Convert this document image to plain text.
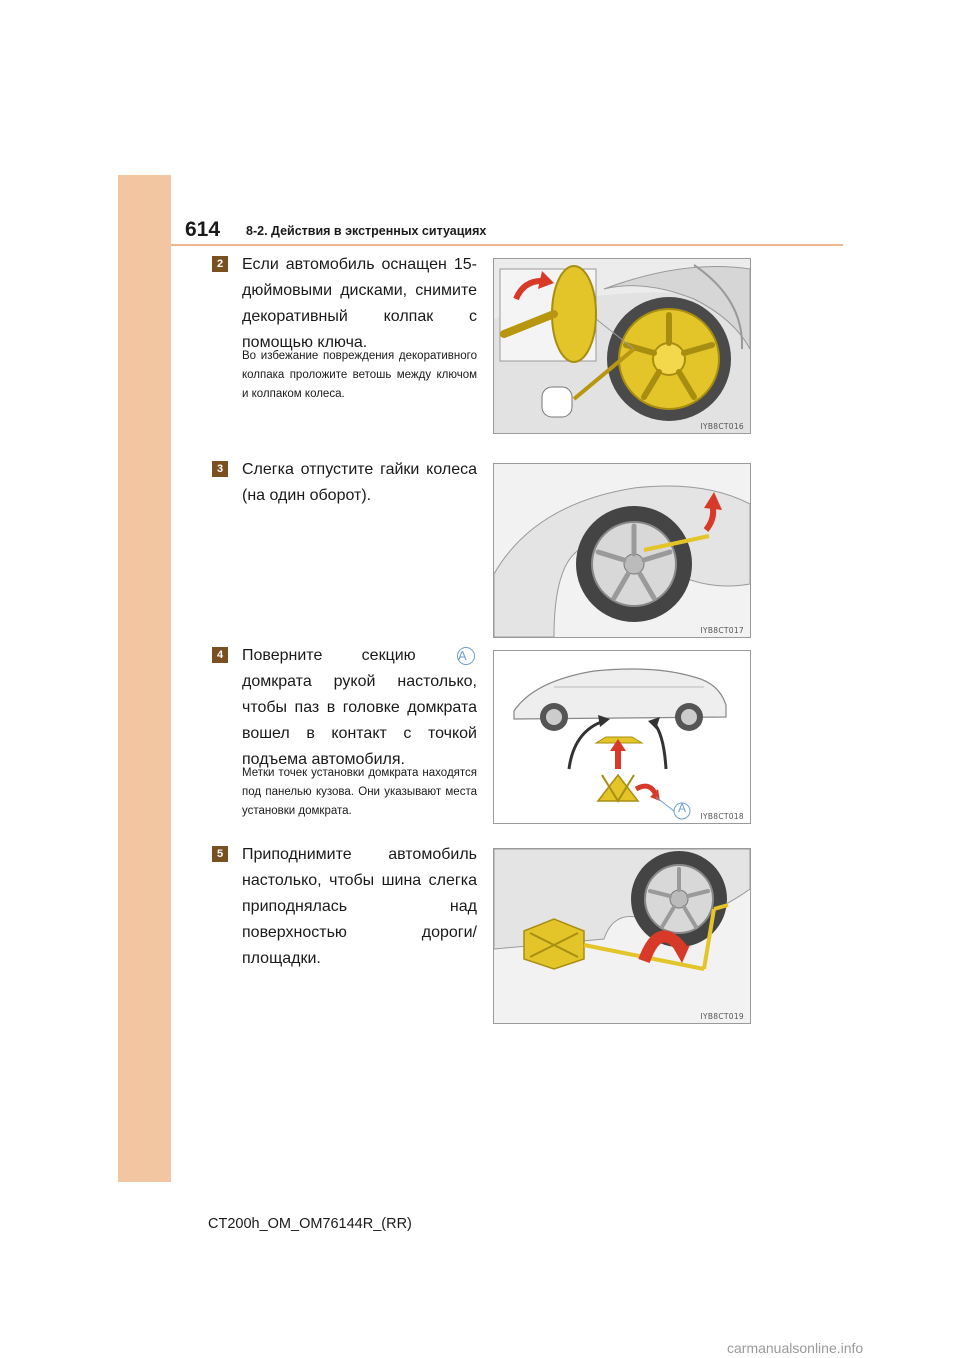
614 8-2. Действия в экстренных ситуациях
2	Если автомобиль оснащен 15-дюймовыми дисками, снимите декоративный колпак с помощью ключа.
Во избежание повреждения декоративного колпака проложите ветошь между ключом и колпаком колеса.
IYB8CT016
3	Слегка отпустите гайки колеса (на один оборот).
IYB8CT017
4	Поверните секцию	A домкрата рукой настолько, чтобы паз в головке домкрата вошел в контакт с точкой подъема автомобиля.
Метки точек установки домкрата находятся под панелью кузова. Они указывают места установки домкрата.	A
IYB8CT018
5	Приподнимите автомобиль настолько, чтобы шина слегка приподнялась над поверхностью дороги/площадки.
IYB8CT019
CT200h_OM_OM76144R_(RR)
carmanualsonline.info
